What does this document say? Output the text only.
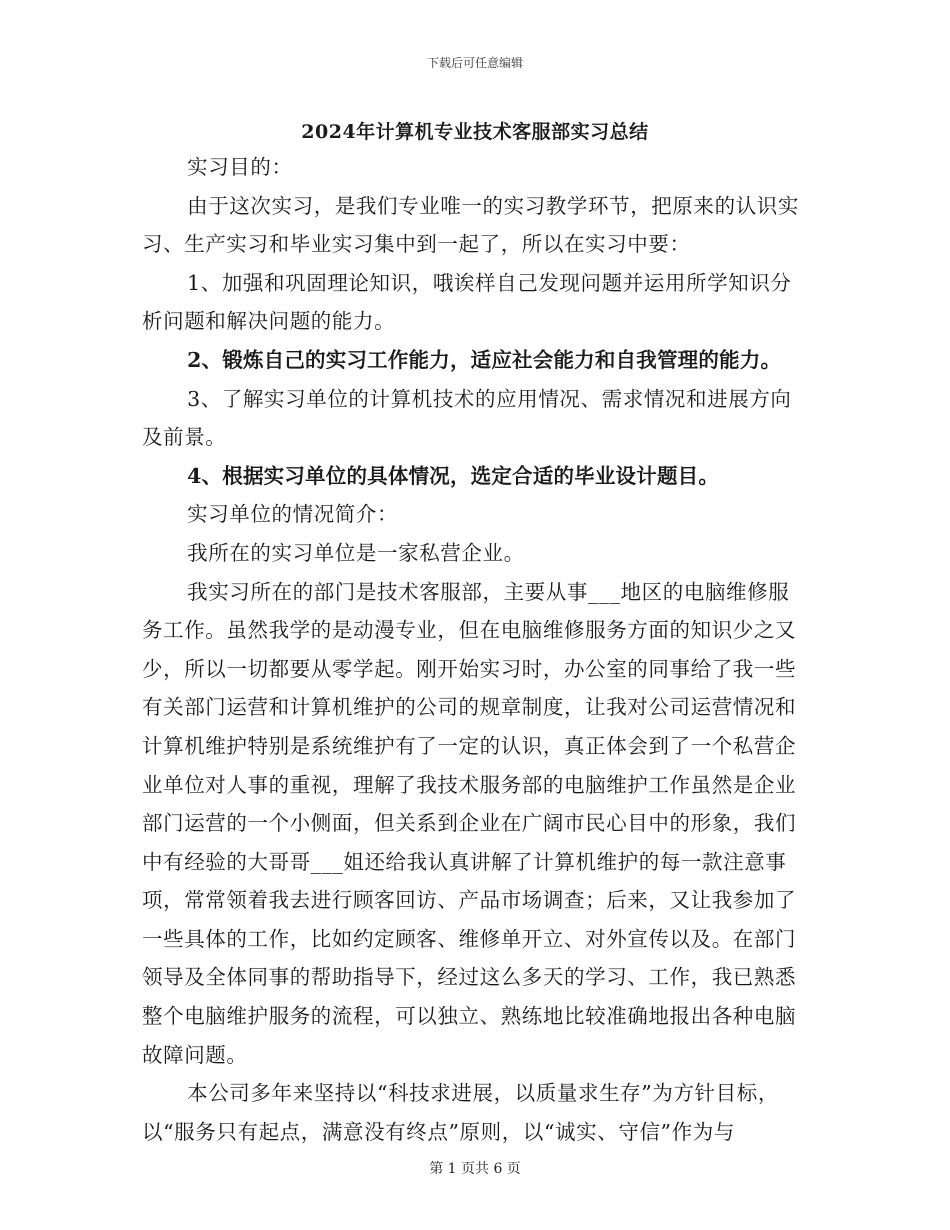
下载后可任意编辑
2024年计算机专业技术客服部实习总结

实习目的：

由于这次实习，是我们专业唯一的实习教学环节，把原来的认识实习、生产实习和毕业实习集中到一起了，所以在实习中要：

1、加强和巩固理论知识，哦诶样自己发现问题并运用所学知识分析问题和解决问题的能力。

2、锻炼自己的实习工作能力，适应社会能力和自我管理的能力。

3、了解实习单位的计算机技术的应用情况、需求情况和进展方向及前景。

4、根据实习单位的具体情况，选定合适的毕业设计题目。

实习单位的情况简介：

我所在的实习单位是一家私营企业。

我实习所在的部门是技术客服部，主要从事___地区的电脑维修服务工作。虽然我学的是动漫专业，但在电脑维修服务方面的知识少之又少，所以一切都要从零学起。刚开始实习时，办公室的同事给了我一些有关部门运营和计算机维护的公司的规章制度，让我对公司运营情况和计算机维护特别是系统维护有了一定的认识，真正体会到了一个私营企业单位对人事的重视，理解了我技术服务部的电脑维护工作虽然是企业部门运营的一个小侧面，但关系到企业在广阔市民心目中的形象，我们中有经验的大哥哥___姐还给我认真讲解了计算机维护的每一款注意事项，常常领着我去进行顾客回访、产品市场调查；后来，又让我参加了一些具体的工作，比如约定顾客、维修单开立、对外宣传以及。在部门领导及全体同事的帮助指导下，经过这么多天的学习、工作，我已熟悉整个电脑维护服务的流程，可以独立、熟练地比较准确地报出各种电脑故障问题。

本公司多年来坚持以“科技求进展，以质量求生存”为方针目标，以“服务只有起点，满意没有终点”原则，以“诚实、守信”作为与

第 1 页共 6 页
